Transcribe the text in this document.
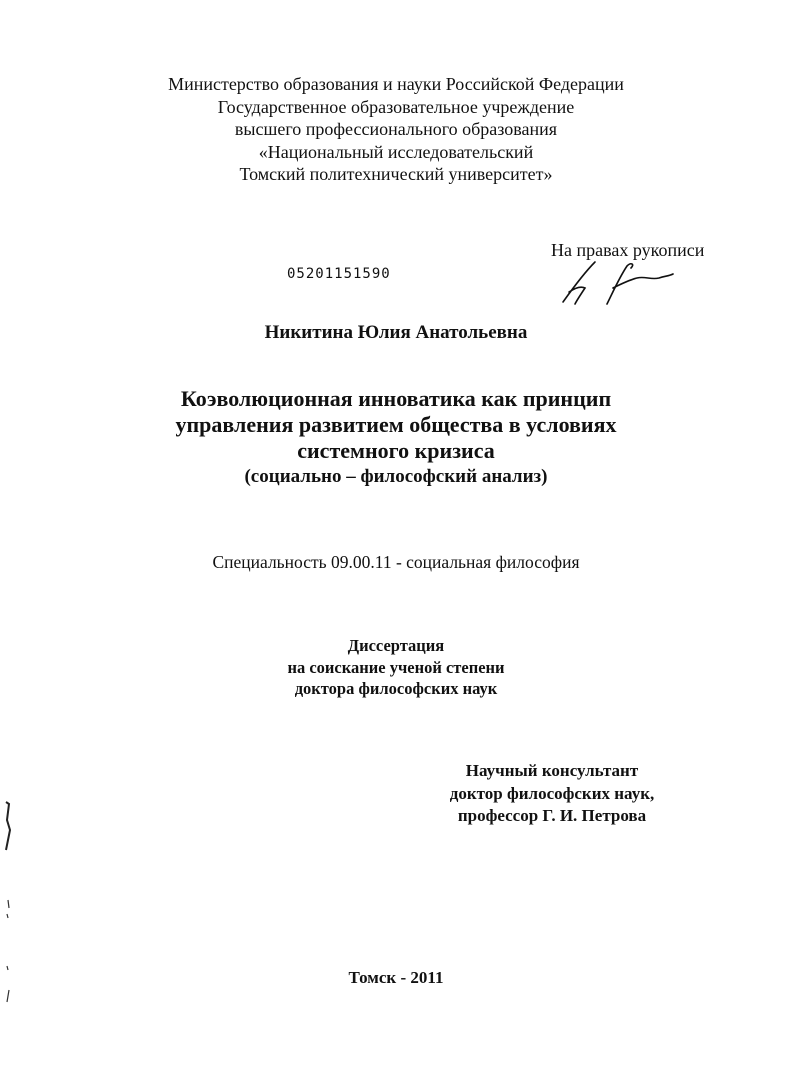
Министерство образования и науки Российской Федерации
Государственное образовательное учреждение
высшего профессионального образования
«Национальный исследовательский
Томский политехнический университет»
На правах рукописи
05201151590
Никитина Юлия Анатольевна
Коэволюционная инноватика как принцип
управления развитием общества в условиях
системного кризиса
(социально – философский анализ)
Специальность 09.00.11 - социальная философия
Диссертация
на соискание ученой степени
доктора философских наук
Научный консультант
доктор философских наук,
профессор Г. И. Петрова
Томск - 2011
